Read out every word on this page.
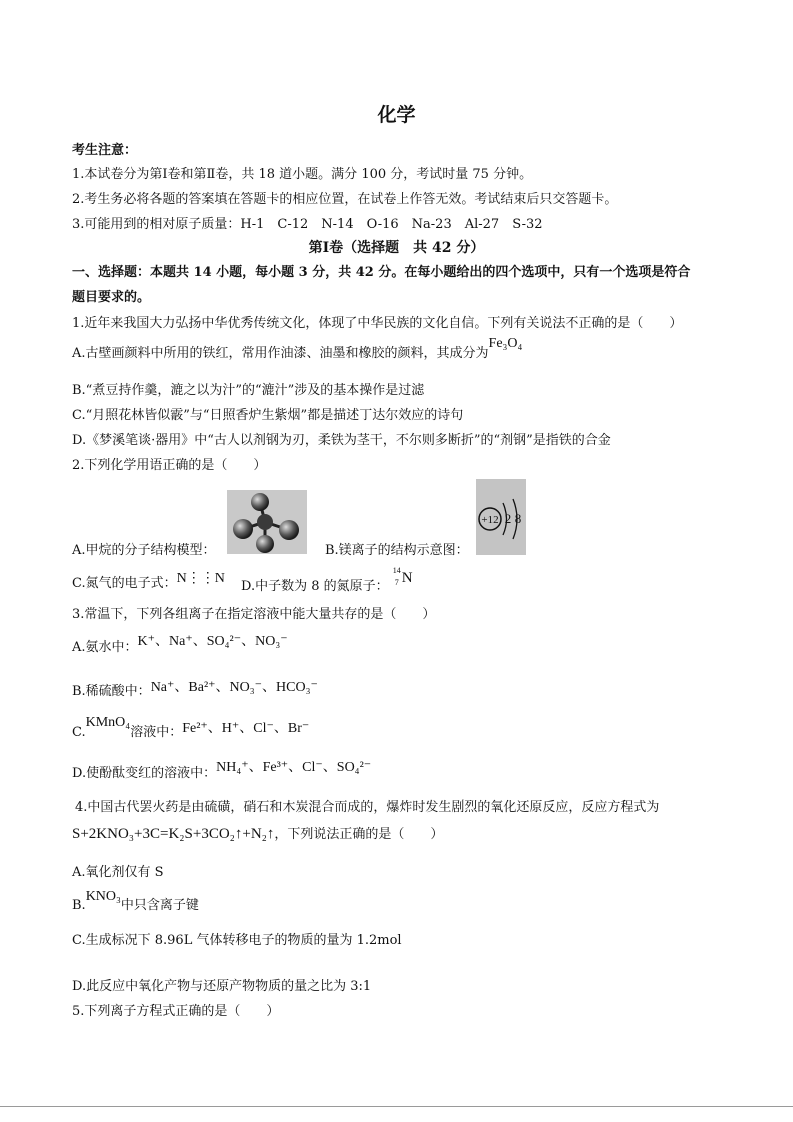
化学
考生注意：
1.本试卷分为第Ⅰ卷和第Ⅱ卷，共 18 道小题。满分 100 分，考试时量 75 分钟。
2.考生务必将各题的答案填在答题卡的相应位置，在试卷上作答无效。考试结束后只交答题卡。
3.可能用到的相对原子质量：H-1　C-12　N-14　O-16　Na-23　Al-27　S-32
第Ⅰ卷（选择题　共 42 分）
一、选择题：本题共 14 小题，每小题 3 分，共 42 分。在每小题给出的四个选项中，只有一个选项是符合
题目要求的。
1.近年来我国大力弘扬中华优秀传统文化，体现了中华民族的文化自信。下列有关说法不正确的是（　　）
A.古壁画颜料中所用的铁红，常用作油漆、油墨和橡胶的颜料，其成分为Fe₃O₄
B.“煮豆持作羹，漉之以为汁”的“漉汁”涉及的基本操作是过滤
C.“月照花林皆似霰”与“日照香炉生紫烟”都是描述丁达尔效应的诗句
D.《梦溪笔谈·器用》中“古人以剂钢为刃，柔铁为茎干，不尔则多断折”的“剂钢”是指铁的合金
2.下列化学用语正确的是（　　）
A.甲烷的分子结构模型：	B.镁离子的结构示意图：
+12 2 8
C.氮气的电子式：N⋮⋮N
D.中子数为 8 的氮原子：
14
7 N
3.常温下，下列各组离子在指定溶液中能大量共存的是（　　）
A.氨水中：K⁺、Na⁺、SO₄²⁻、NO₃⁻
B.稀硫酸中：Na⁺、Ba²⁺、NO₃⁻、HCO₃⁻
C.KMnO₄溶液中：Fe²⁺、H⁺、Cl⁻、Br⁻
D.使酚酞变红的溶液中：NH₄⁺、Fe³⁺、Cl⁻、SO₄²⁻
4.中国古代罢火药是由硫磺，硝石和木炭混合而成的，爆炸时发生剧烈的氧化还原反应，反应方程式为
S+2KNO₃+3C=K₂S+3CO₂↑+N₂↑，下列说法正确的是（　　）
A.氧化剂仅有 S
B.KNO₃中只含离子键
C.生成标况下 8.96L 气体转移电子的物质的量为 1.2mol
D.此反应中氧化产物与还原产物物质的量之比为 3:1
5.下列离子方程式正确的是（　　）
